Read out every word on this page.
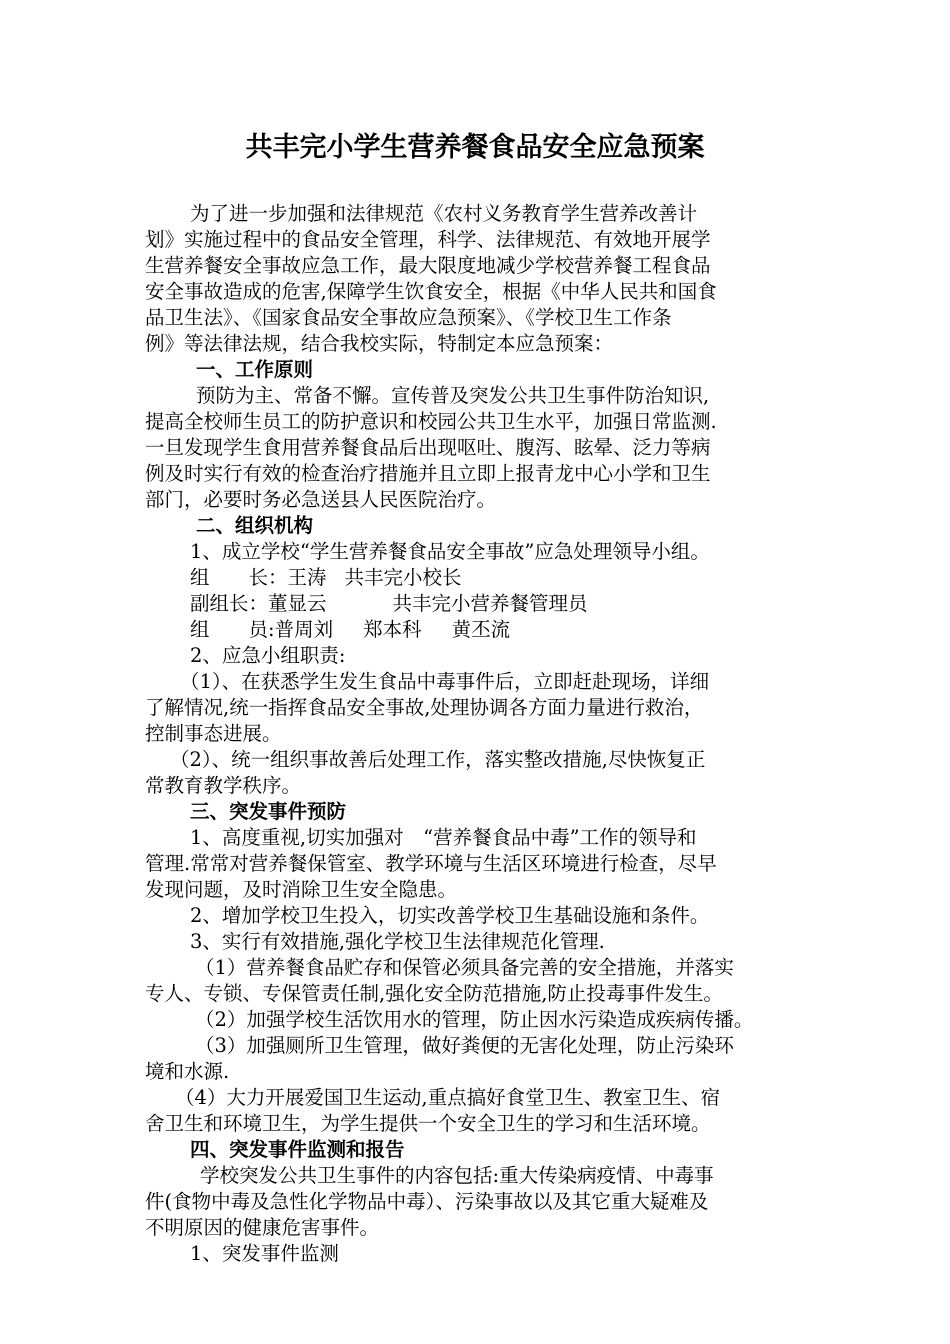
共丰完小学生营养餐食品安全应急预案
为了进一步加强和法律规范《农村义务教育学生营养改善计
划》实施过程中的食品安全管理，科学、法律规范、有效地开展学
生营养餐安全事故应急工作，最大限度地减少学校营养餐工程食品
安全事故造成的危害,保障学生饮食安全，根据《中华人民共和国食
品卫生法》、《国家食品安全事故应急预案》、《学校卫生工作条
例》等法律法规，结合我校实际，特制定本应急预案：
一、工作原则
预防为主、常备不懈。宣传普及突发公共卫生事件防治知识,
提高全校师生员工的防护意识和校园公共卫生水平，加强日常监测.
一旦发现学生食用营养餐食品后出现呕吐、腹泻、眩晕、泛力等病
例及时实行有效的检查治疗措施并且立即上报青龙中心小学和卫生
部门，必要时务必急送县人民医院治疗。
二、组织机构
1、成立学校“学生营养餐食品安全事故”应急处理领导小组。
组　　长：王涛 共丰完小校长
副组长：董显云	共丰完小营养餐管理员
组　　员:普周刘 郑本科 黄丕流
2、应急小组职责:
（1）、在获悉学生发生食品中毒事件后，立即赶赴现场，详细
了解情况,统一指挥食品安全事故,处理协调各方面力量进行救治，
控制事态进展。
（2）、统一组织事故善后处理工作，落实整改措施,尽快恢复正
常教育教学秩序。
三、突发事件预防
1、高度重视,切实加强对　“营养餐食品中毒”工作的领导和
管理.常常对营养餐保管室、教学环境与生活区环境进行检查，尽早
发现问题，及时消除卫生安全隐患。
2、增加学校卫生投入，切实改善学校卫生基础设施和条件。
3、实行有效措施,强化学校卫生法律规范化管理.
（1）营养餐食品贮存和保管必须具备完善的安全措施，并落实
专人、专锁、专保管责任制,强化安全防范措施,防止投毒事件发生。
（2）加强学校生活饮用水的管理，防止因水污染造成疾病传播。
（3）加强厕所卫生管理，做好粪便的无害化处理，防止污染环
境和水源.
（4）大力开展爱国卫生运动,重点搞好食堂卫生、教室卫生、宿
舍卫生和环境卫生，为学生提供一个安全卫生的学习和生活环境。
四、突发事件监测和报告
学校突发公共卫生事件的内容包括:重大传染病疫情、中毒事
件(食物中毒及急性化学物品中毒）、污染事故以及其它重大疑难及
不明原因的健康危害事件。
1、突发事件监测
